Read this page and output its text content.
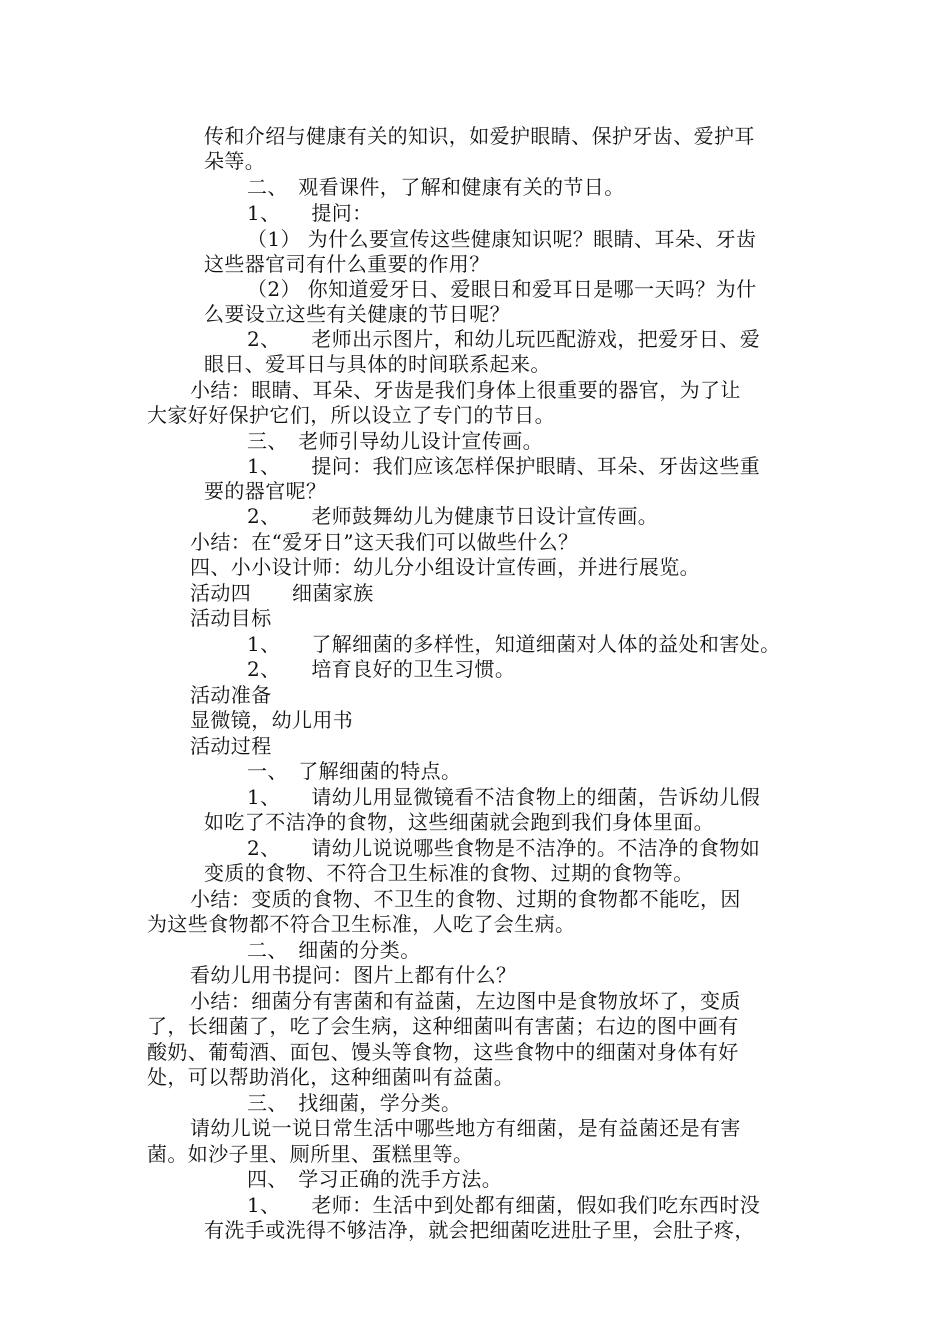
传和介绍与健康有关的知识，如爱护眼睛、保护牙齿、爱护耳
朵等。
二、　观看课件，了解和健康有关的节日。
1、　　提问：
（1） 为什么要宣传这些健康知识呢？眼睛、耳朵、牙齿
这些器官司有什么重要的作用？
（2） 你知道爱牙日、爱眼日和爱耳日是哪一天吗？为什
么要设立这些有关健康的节日呢？
2、　　老师出示图片，和幼儿玩匹配游戏，把爱牙日、爱
眼日、爱耳日与具体的时间联系起来。
小结：眼睛、耳朵、牙齿是我们身体上很重要的器官，为了让
大家好好保护它们，所以设立了专门的节日。
三、　老师引导幼儿设计宣传画。
1、　　提问：我们应该怎样保护眼睛、耳朵、牙齿这些重
要的器官呢？
2、　　老师鼓舞幼儿为健康节日设计宣传画。
小结：在“爱牙日”这天我们可以做些什么？
四、小小设计师：幼儿分小组设计宣传画，并进行展览。
活动四　　细菌家族
活动目标
1、　　了解细菌的多样性，知道细菌对人体的益处和害处。
2、　　培育良好的卫生习惯。
活动准备
显微镜，幼儿用书
活动过程
一、　了解细菌的特点。
1、　　请幼儿用显微镜看不洁食物上的细菌，告诉幼儿假
如吃了不洁净的食物，这些细菌就会跑到我们身体里面。
2、　　请幼儿说说哪些食物是不洁净的。不洁净的食物如
变质的食物、不符合卫生标准的食物、过期的食物等。
小结：变质的食物、不卫生的食物、过期的食物都不能吃，因
为这些食物都不符合卫生标准，人吃了会生病。
二、　细菌的分类。
看幼儿用书提问：图片上都有什么？
小结：细菌分有害菌和有益菌，左边图中是食物放坏了，变质
了，长细菌了，吃了会生病，这种细菌叫有害菌；右边的图中画有
酸奶、葡萄酒、面包、馒头等食物，这些食物中的细菌对身体有好
处，可以帮助消化，这种细菌叫有益菌。
三、　找细菌，学分类。
请幼儿说一说日常生活中哪些地方有细菌，是有益菌还是有害
菌。如沙子里、厕所里、蛋糕里等。
四、　学习正确的洗手方法。
1、　　老师：生活中到处都有细菌，假如我们吃东西时没
有洗手或洗得不够洁净，就会把细菌吃进肚子里，会肚子疼，
